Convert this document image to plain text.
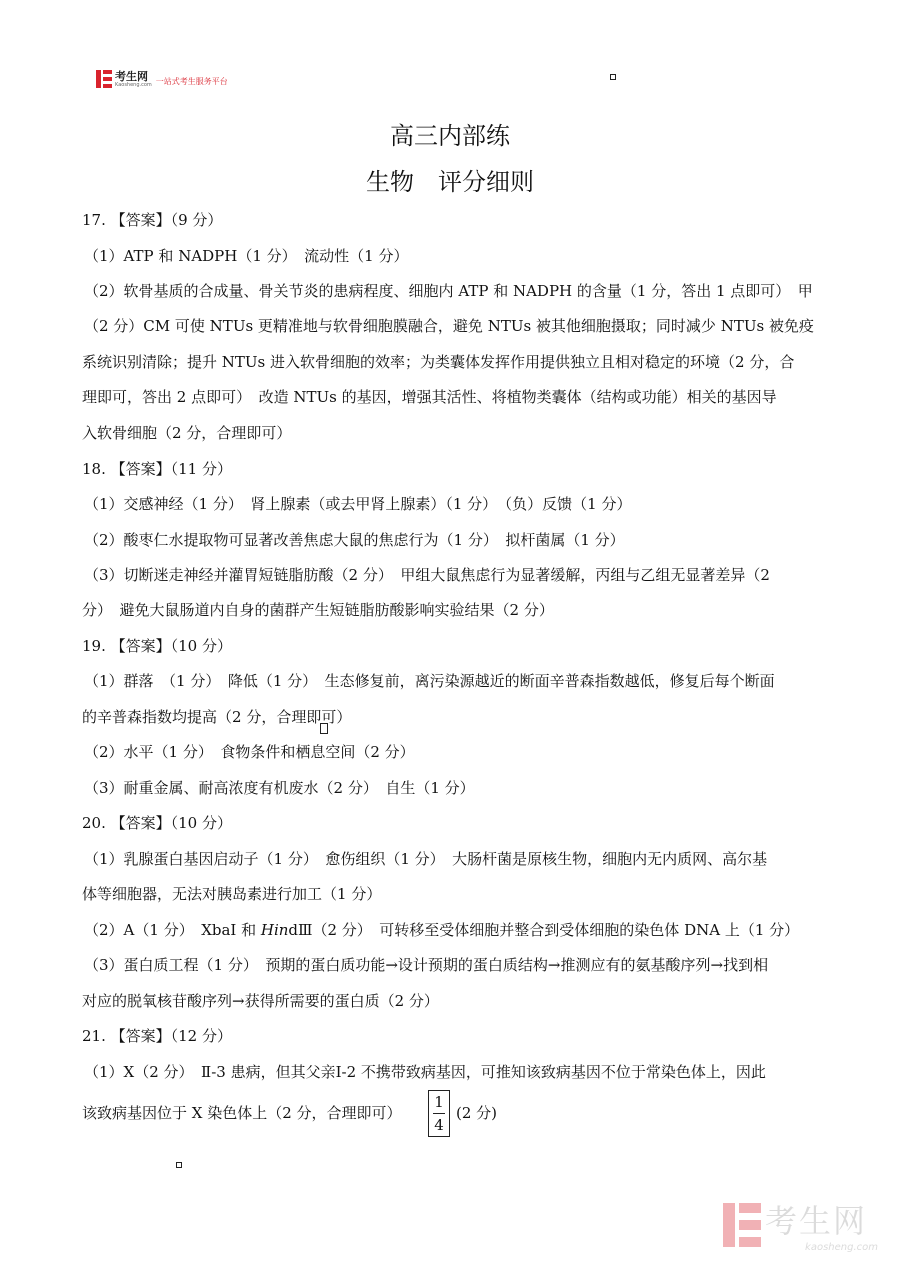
考生网
Kaosheng.com 一站式考生服务平台
高三内部练
生物 评分细则
17. 【答案】（9 分）
（1）ATP 和 NADPH（1 分）　流动性（1 分）
（2）软骨基质的合成量、骨关节炎的患病程度、细胞内 ATP 和 NADPH 的含量（1 分，答出 1 点即可）　甲
（2 分）CM 可使 NTUs 更精准地与软骨细胞膜融合，避免 NTUs 被其他细胞摄取；同时减少 NTUs 被免疫
系统识别清除；提升 NTUs 进入软骨细胞的效率；为类囊体发挥作用提供独立且相对稳定的环境（2 分，合
理即可，答出 2 点即可）　改造 NTUs 的基因，增强其活性、将植物类囊体（结构或功能）相关的基因导
入软骨细胞（2 分，合理即可）
18. 【答案】（11 分）
（1）交感神经（1 分）　肾上腺素（或去甲肾上腺素）（1 分）　（负）反馈（1 分）
（2）酸枣仁水提取物可显著改善焦虑大鼠的焦虑行为（1 分）　拟杆菌属（1 分）
（3）切断迷走神经并灌胃短链脂肪酸（2 分）　甲组大鼠焦虑行为显著缓解，丙组与乙组无显著差异（2
分）　避免大鼠肠道内自身的菌群产生短链脂肪酸影响实验结果（2 分）
19. 【答案】（10 分）
（1）群落　（1 分）　降低（1 分）　生态修复前，离污染源越近的断面辛普森指数越低，修复后每个断面
的辛普森指数均提高（2 分，合理即可）
（2）水平（1 分）　食物条件和栖息空间（2 分）
（3）耐重金属、耐高浓度有机废水（2 分）　自生（1 分）
20. 【答案】（10 分）
（1）乳腺蛋白基因启动子（1 分）　愈伤组织（1 分）　大肠杆菌是原核生物，细胞内无内质网、高尔基
体等细胞器，无法对胰岛素进行加工（1 分）
（2）A（1 分）　XbaⅠ 和 HindⅢ（2 分）　可转移至受体细胞并整合到受体细胞的染色体 DNA 上（1 分）
（3）蛋白质工程（1 分）　预期的蛋白质功能→设计预期的蛋白质结构→推测应有的氨基酸序列→找到相
对应的脱氧核苷酸序列→获得所需要的蛋白质（2 分）
21. 【答案】（12 分）
（1）X（2 分）　Ⅱ-3 患病，但其父亲Ⅰ-2 不携带致病基因，可推知该致病基因不位于常染色体上，因此
该致病基因位于 X 染色体上（2 分，合理即可）
1
4
(2 分)
考生网
kaosheng.com
